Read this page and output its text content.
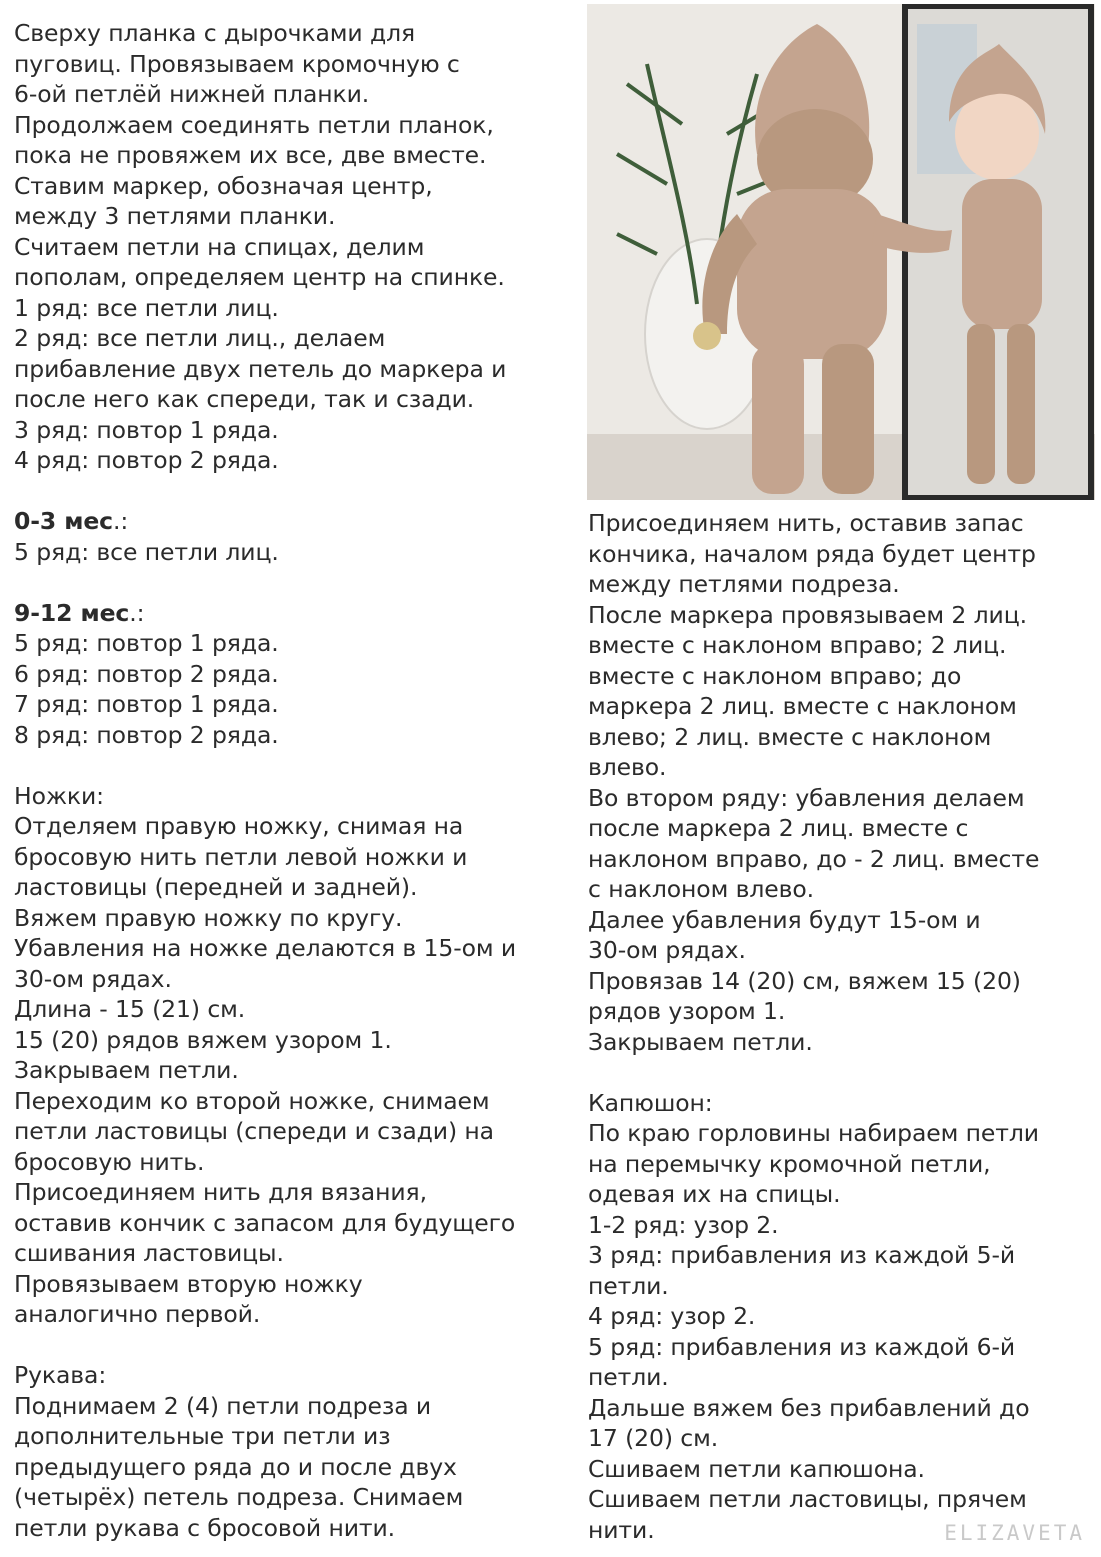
Сверху планка с дырочками для
пуговиц. Провязываем кромочную с
6-ой петлёй нижней планки.
Продолжаем соединять петли планок,
пока не провяжем их все, две вместе.
Ставим маркер, обозначая центр,
между 3 петлями планки.
Считаем петли на спицах, делим
пополам, определяем центр на спинке.
1 ряд: все петли лиц.
2 ряд: все петли лиц., делаем
прибавление двух петель до маркера и
после него как спереди, так и сзади.
3 ряд: повтор 1 ряда.
4 ряд: повтор 2 ряда.
0-3 мес.:
5 ряд: все петли лиц.
9-12 мес.:
5 ряд: повтор 1 ряда.
6 ряд: повтор 2 ряда.
7 ряд: повтор 1 ряда.
8 ряд: повтор 2 ряда.
Ножки:
Отделяем правую ножку, снимая на
бросовую нить петли левой ножки и
ластовицы (передней и задней).
Вяжем правую ножку по кругу.
Убавления на ножке делаются в 15-ом и
30-ом рядах.
Длина - 15 (21) см.
15 (20) рядов вяжем узором 1.
Закрываем петли.
Переходим ко второй ножке, снимаем
петли ластовицы (спереди и сзади) на
бросовую нить.
Присоединяем нить для вязания,
оставив кончик с запасом для будущего
сшивания ластовицы.
Провязываем вторую ножку
аналогично первой.
Рукава:
Поднимаем 2 (4) петли подреза и
дополнительные три петли из
предыдущего ряда до и после двух
(четырёх) петель подреза. Снимаем
петли рукава с бросовой нити.
Присоединяем нить, оставив запас
кончика, началом ряда будет центр
между петлями подреза.
После маркера провязываем 2 лиц.
вместе с наклоном вправо; 2 лиц.
вместе с наклоном вправо; до
маркера 2 лиц. вместе с наклоном
влево; 2 лиц. вместе с наклоном
влево.
Во втором ряду: убавления делаем
после маркера 2 лиц. вместе с
наклоном вправо, до - 2 лиц. вместе
с наклоном влево.
Далее убавления будут 15-ом и
30-ом рядах.
Провязав 14 (20) см, вяжем 15 (20)
рядов узором 1.
Закрываем петли.
Капюшон:
По краю горловины набираем петли
на перемычку кромочной петли,
одевая их на спицы.
1-2 ряд: узор 2.
3 ряд: прибавления из каждой 5-й
петли.
4 ряд: узор 2.
5 ряд: прибавления из каждой 6-й
петли.
Дальше вяжем без прибавлений до
17 (20) см.
Сшиваем петли капюшона.
Сшиваем петли ластовицы, прячем
нити.	ELIZAVETA
